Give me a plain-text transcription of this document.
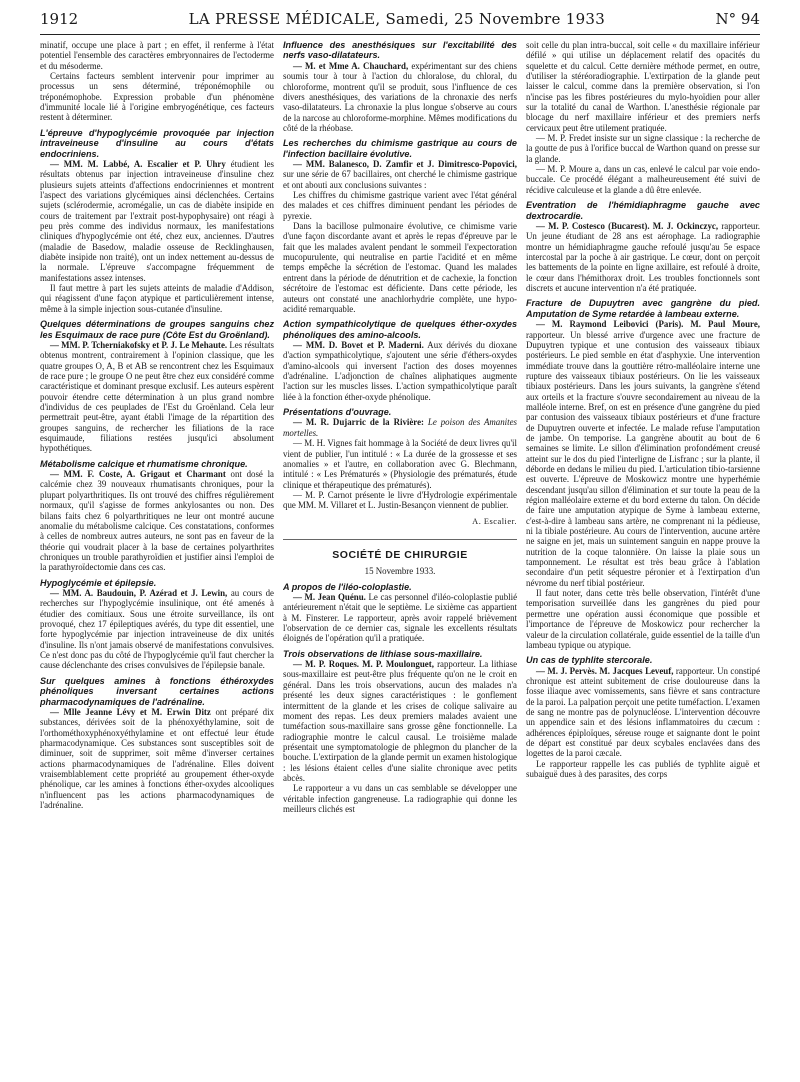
1912	LA PRESSE MÉDICALE, Samedi, 25 Novembre 1933	N° 94

minatif, occupe une place à part ; en effet, il renferme à l'état potentiel l'ensemble des caractères embryonnaires de l'ectoderme et du mésoderme.

Certains facteurs semblent intervenir pour imprimer au processus un sens déterminé, tréponémophile ou tréponémophobe. Expression probable d'un phénomène d'immunité locale lié à l'origine embryogénétique, ces facteurs restent à déterminer.

L'épreuve d'hypoglycémie provoquée par injection intraveineuse d'insuline au cours d'états endocriniens.

— MM. M. Labbé, A. Escalier et P. Uhry étudient les résultats obtenus par injection intraveineuse d'insuline chez plusieurs sujets atteints d'affections endocriniennes et montrent l'aspect des variations glycémiques ainsi déclenchées. Certains sujets (sclérodermie, acromégalie, un cas de diabète insipide en cours de traitement par l'extrait post-hypophysaire) ont réagi à peu près comme des individus normaux, les manifestations cliniques d'hypoglycémie ont été, chez eux, anciennes. D'autres (maladie de Basedow, maladie osseuse de Recklinghausen, diabète insipide non traité), ont un index nettement au-dessus de la normale. L'épreuve s'accompagne fréquemment de manifestations assez intenses.

Il faut mettre à part les sujets atteints de maladie d'Addison, qui réagissent d'une façon atypique et particulièrement intense, même à la simple injection sous-cutanée d'insuline.

Quelques déterminations de groupes sanguins chez les Esquimaux de race pure (Côte Est du Groënland).

— MM. P. Tcherniakofsky et P. J. Le Mehaute. Les résultats obtenus montrent, contrairement à l'opinion classique, que les quatre groupes O, A, B et AB se rencontrent chez les Esquimaux de race pure ; le groupe O ne peut être chez eux considéré comme caractéristique et dominant presque exclusif. Les auteurs espèrent pouvoir étendre cette détermination à un plus grand nombre d'individus de ces peuplades de l'Est du Groënland. Cela leur permettrait peut-être, ayant établi l'image de la répartition des groupes sanguins, de rechercher les filiations de la race esquimaude, filiations restées jusqu'ici absolument hypothétiques.

Métabolisme calcique et rhumatisme chronique.

— MM. F. Coste, A. Grigaut et Charmant ont dosé la calcémie chez 39 nouveaux rhumatisants chroniques, pour la plupart polyarthritiques. Ils ont trouvé des chiffres régulièrement normaux, qu'il s'agisse de formes ankylosantes ou non. Des bilans faits chez 6 polyarthritiques ne leur ont montré aucune anomalie du métabolisme calcique. Ces constatations, conformes à celles de nombreux autres auteurs, ne sont pas en faveur de la théorie qui voudrait placer à la base de certaines polyarthrites chroniques un trouble parathyroïdien et justifier ainsi l'emploi de la parathyroïdectomie dans ces cas.

Hypoglycémie et épilepsie.

— MM. A. Baudouin, P. Azérad et J. Lewin, au cours de recherches sur l'hypoglycémie insulinique, ont été amenés à étudier des comitiaux. Sous une étroite surveillance, ils ont provoqué, chez 17 épileptiques avérés, du type dit essentiel, une forte hypoglycémie par injection intraveineuse de dix unités d'insuline. Ils n'ont jamais observé de manifestations convulsives. Ce n'est donc pas du côté de l'hypoglycémie qu'il faut chercher la cause déclenchante des crises convulsives de l'épilepsie banale.

Sur quelques amines à fonctions éthéroxydes phénoliques inversant certaines actions pharmacodynamiques de l'adrénaline.

— Mlle Jeanne Lévy et M. Erwin Ditz ont préparé dix substances, dérivées soit de la phénoxyéthylamine, soit de l'orthométhoxyphénoxyéthylamine et ont effectué leur étude pharmacodynamique. Ces substances sont susceptibles soit de diminuer, soit de supprimer, soit même d'inverser certaines actions pharmacodynamiques de l'adrénaline. Elles doivent vraisemblablement cette propriété au groupement éther-oxyde phénolique, car les amines à fonctions éther-oxydes alcooliques n'influencent pas les actions pharmacodynamiques de l'adrénaline.

Influence des anesthésiques sur l'excitabilité des nerfs vaso-dilatateurs.

— M. et Mme A. Chauchard, expérimentant sur des chiens soumis tour à tour à l'action du chloralose, du chloral, du chloroforme, montrent qu'il se produit, sous l'influence de ces divers anesthésiques, des variations de la chronaxie des nerfs vaso-dilatateurs. La chronaxie la plus longue s'observe au cours de la narcose au chloroforme-morphine. Mêmes modifications du côté de la rhéobase.

Les recherches du chimisme gastrique au cours de l'infection bacillaire évolutive.

— MM. Balanesco, D. Zamfir et J. Dimitresco-Popovici, sur une série de 67 bacillaires, ont cherché le chimisme gastrique et ont abouti aux conclusions suivantes :

Les chiffres du chimisme gastrique varient avec l'état général des malades et ces chiffres diminuent pendant les périodes de pyrexie.

Dans la bacillose pulmonaire évolutive, ce chimisme varie d'une façon discordante avant et après le repas d'épreuve par le fait que les malades avalent pendant le sommeil l'expectoration mucopurulente, qui neutralise en partie l'acidité et en même temps empêche la sécrétion de l'estomac. Quand les malades entrent dans la période de dénutrition et de cachexie, la fonction sécrétoire de l'estomac est déficiente. Dans cette période, les auteurs ont constaté une anachlorhydrie complète, une hypo-acidité remarquable.

Action sympathicolytique de quelques éther-oxydes phénoliques des amino-alcools.

— MM. D. Bovet et P. Maderni. Aux dérivés du dioxane d'action sympathicolytique, s'ajoutent une série d'éthers-oxydes d'amino-alcools qui inversent l'action des doses moyennes d'adrénaline. L'adjonction de chaînes aliphatiques augmente l'action sur les muscles lisses. L'action sympathicolytique paraît liée à la fonction éther-oxyde phénolique.

Présentations d'ouvrage.

— M. R. Dujarric de la Rivière: Le poison des Amanites mortelles.

— M. H. Vignes fait hommage à la Société de deux livres qu'il vient de publier, l'un intitulé : « La durée de la grossesse et ses anomalies » et l'autre, en collaboration avec G. Blechmann, intitulé : « Les Prématurés » (Physiologie des prématurés, étude clinique et thérapeutique des prématurés).

— M. P. Carnot présente le livre d'Hydrologie expérimentale que MM. M. Villaret et L. Justin-Besançon viennent de publier.

A. Escalier.
SOCIÉTÉ DE CHIRURGIE
15 Novembre 1933.
A propos de l'iléo-coloplastie.

— M. Jean Quénu. Le cas personnel d'iléo-coloplastie publié antérieurement n'était que le septième. Le sixième cas appartient à M. Finsterer. Le rapporteur, après avoir rappelé brièvement l'observation de ce dernier cas, signale les excellents résultats éloignés de l'opération qu'il a pratiquée.

Trois observations de lithiase sous-maxillaire.

— M. P. Roques. M. P. Moulonguet, rapporteur. La lithiase sous-maxillaire est peut-être plus fréquente qu'on ne le croit en général. Dans les trois observations, aucun des malades n'a présenté les deux signes caractéristiques : le gonflement intermittent de la glande et les crises de colique salivaire au moment des repas. Les deux premiers malades avaient une tuméfaction sous-maxillaire sans grosse gêne fonctionnelle. La radiographie montre le calcul causal. Le troisième malade présentait une symptomatologie de phlegmon du plancher de la bouche. L'extirpation de la glande permit un examen histologique : les lésions étaient celles d'une sialite chronique avec petits abcès.

Le rapporteur a vu dans un cas semblable se développer une véritable infection gangreneuse. La radiographie qui donne les meilleurs clichés est

soit celle du plan intra-buccal, soit celle « du maxillaire inférieur défilé » qui utilise un déplacement relatif des opacités du squelette et du calcul. Cette dernière méthode permet, en outre, d'utiliser la stéréoradiographie. L'extirpation de la glande peut laisser le calcul, comme dans la première observation, si l'on n'incise pas les fibres postérieures du mylo-hyoïdien pour aller sur la totalité du canal de Warthon. L'anesthésie régionale par blocage du nerf maxillaire inférieur et des premiers nerfs cervicaux peut être utilement pratiquée.

— M. P. Fredet insiste sur un signe classique : la recherche de la goutte de pus à l'orifice buccal de Warthon quand on presse sur la glande.

— M. P. Moure a, dans un cas, enlevé le calcul par voie endo-buccale. Ce procédé élégant a malheureusement été suivi de récidive calculeuse et la glande a dû être enlevée.

Eventration de l'hémidiaphragme gauche avec dextrocardie.

— M. P. Costesco (Bucarest). M. J. Ockinczyc, rapporteur. Un jeune étudiant de 28 ans est aérophage. La radiographie montre un hémidiaphragme gauche refoulé jusqu'au 5e espace intercostal par la poche à air gastrique. Le cœur, dont on perçoit les battements de la pointe en ligne axillaire, est refoulé à droite, le cœur dans l'hémithorax droit. Les troubles fonctionnels sont discrets et aucune intervention n'a été pratiquée.

Fracture de Dupuytren avec gangrène du pied. Amputation de Syme retardée à lambeau externe.

— M. Raymond Leibovici (Paris). M. Paul Moure, rapporteur. Un blessé arrive d'urgence avec une fracture de Dupuytren typique et une contusion des vaisseaux tibiaux postérieurs. Le pied semble en état d'asphyxie. Une intervention immédiate trouve dans la gouttière rétro-malléolaire interne une rupture des vaisseaux tibiaux postérieurs. On lie les vaisseaux tibiaux postérieurs. Dans les jours suivants, la gangrène s'étend aux orteils et la fracture s'ouvre secondairement au niveau de la malléole interne. Bref, on est en présence d'une gangrène du pied par contusion des vaisseaux tibiaux postérieurs et d'une fracture de Dupuytren ouverte et infectée. Le malade refuse l'amputation de jambe. On temporise. La gangrène aboutit au bout de 6 semaines se limite. Le sillon d'élimination profondément creusé atteint sur le dos du pied l'interligne de Lisfranc ; sur la plante, il déborde en dedans le milieu du pied. L'articulation tibio-tarsienne est ouverte. L'épreuve de Moskowicz montre une hyperhémie descendant jusqu'au sillon d'élimination et sur toute la peau de la région malléolaire externe et du bord externe du talon. On décide de faire une amputation atypique de Syme à lambeau externe, c'est-à-dire à lambeau sans artère, ne comprenant ni la pédieuse, ni la tibiale postérieure. Au cours de l'intervention, aucune artère ne saigne en jet, mais un suintement sanguin en nappe prouve la nutrition de la coque talonnière. On laisse la plaie sous un tamponnement. Le résultat est très beau grâce à l'ablation secondaire d'un petit séquestre péronier et à l'extirpation d'un névrome du nerf tibial postérieur.

Il faut noter, dans cette très belle observation, l'intérêt d'une temporisation surveillée dans les gangrènes du pied pour permettre une opération aussi économique que possible et l'importance de l'épreuve de Moskowicz pour rechercher la valeur de la circulation collatérale, guide essentiel de la taille d'un lambeau typique ou atypique.

Un cas de typhlite stercorale.

— M. J. Pervès. M. Jacques Leveuf, rapporteur. Un constipé chronique est atteint subitement de crise douloureuse dans la fosse iliaque avec vomissements, sans fièvre et sans contracture de la paroi. La palpation perçoit une petite tuméfaction. L'examen de sang ne montre pas de polynucléose. L'intervention découvre un appendice sain et des lésions inflammatoires du cæcum : adhérences épiploïques, séreuse rouge et saignante dont le point de départ est constitué par deux scybales enclavées dans des logettes de la paroi cæcale.

Le rapporteur rappelle les cas publiés de typhlite aiguë et subaiguë dues à des parasites, des corps
